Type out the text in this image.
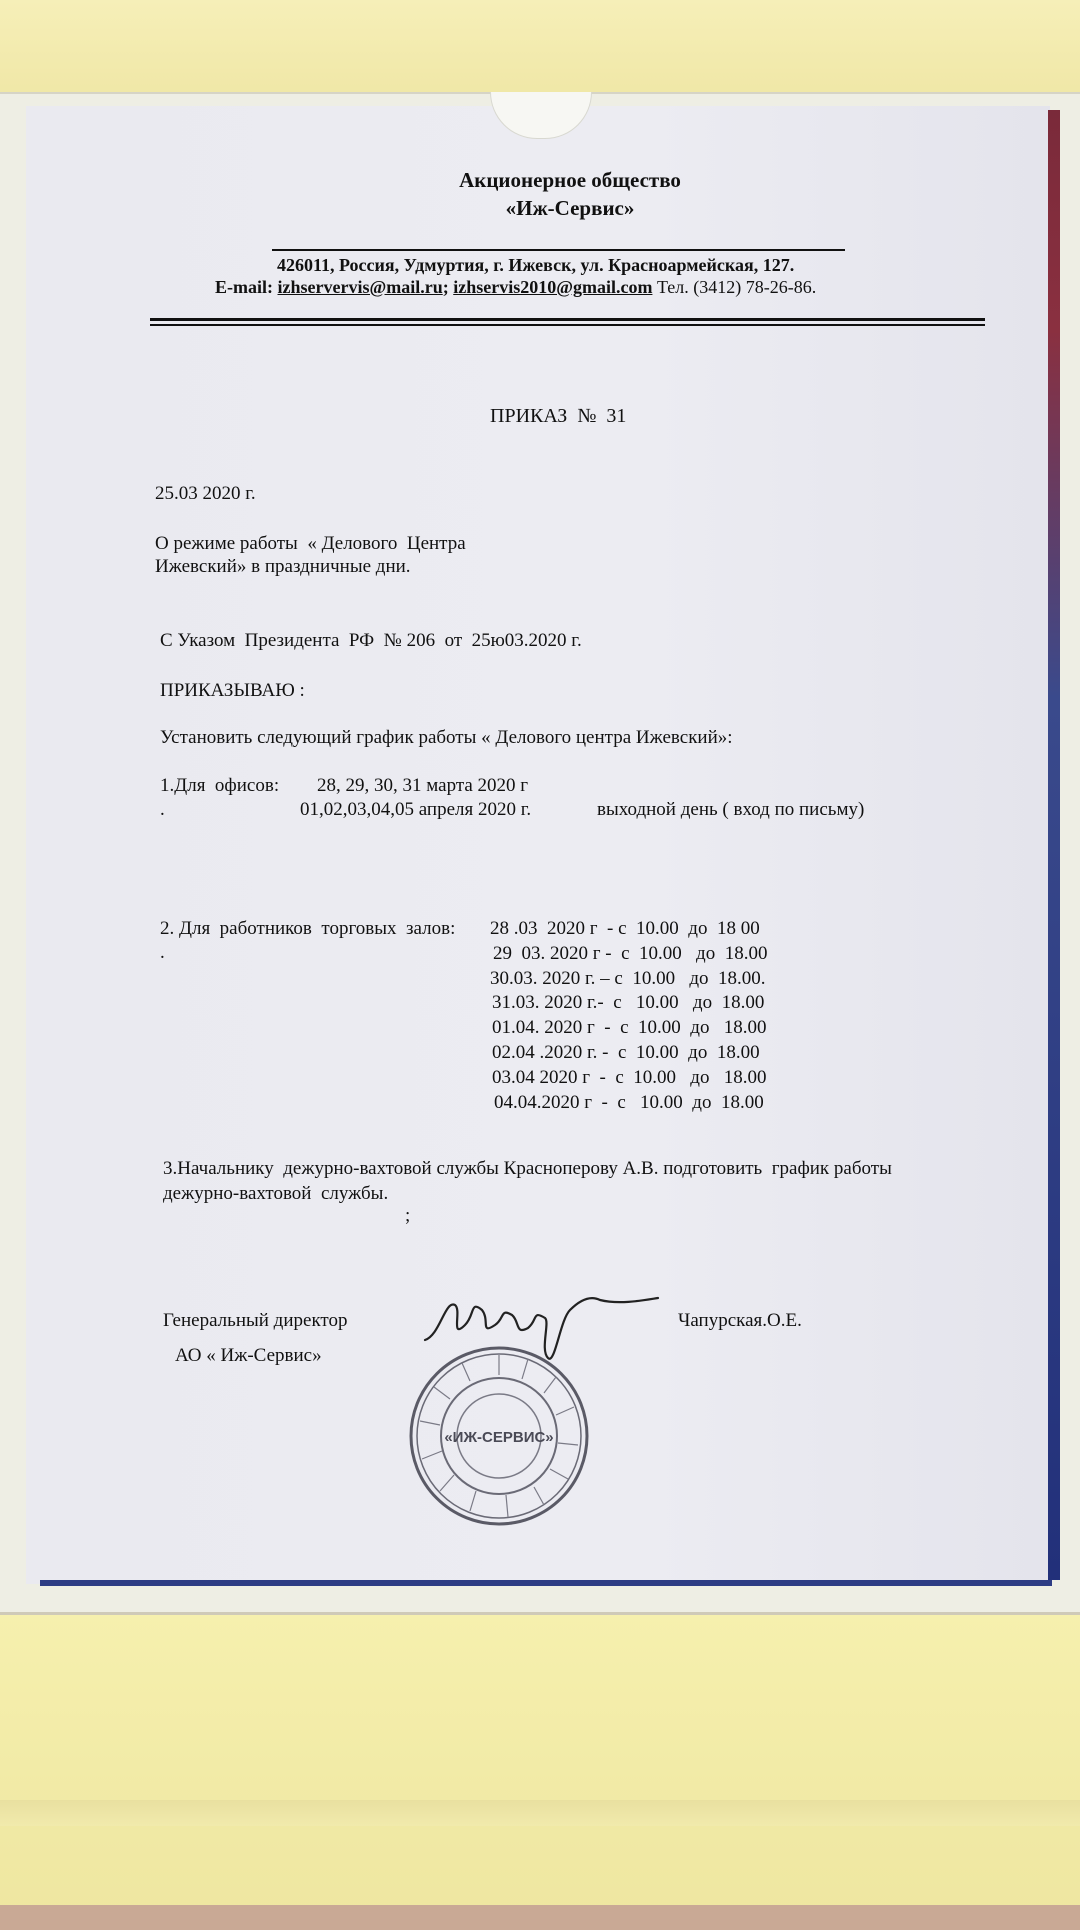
Акционерное общество
«Иж-Сервис»
426011, Россия, Удмуртия, г. Ижевск, ул. Красноармейская, 127.
E-mail: izhservervis@mail.ru; izhservis2010@gmail.com Тел. (3412) 78-26-86.
ПРИКАЗ  №  31
25.03 2020 г.
О режиме работы  « Делового  Центра
Ижевский» в праздничные дни.
С Указом  Президента  РФ  № 206  от  25ю03.2020 г.
ПРИКАЗЫВАЮ :
Установить следующий график работы « Делового центра Ижевский»:
1.Для  офисов: 28, 29, 30, 31 марта 2020 г
.	01,02,03,04,05 апреля 2020 г.	выходной день ( вход по письму)
2. Для  работников  торговых  залов:
.
28 .03  2020 г  - с  10.00  до  18 00
29  03. 2020 г -  с  10.00   до  18.00
30.03. 2020 г. – с  10.00   до  18.00.
31.03. 2020 г.-  с   10.00   до  18.00
01.04. 2020 г  -  с  10.00  до   18.00
02.04 .2020 г. -  с  10.00  до  18.00
03.04 2020 г  -  с  10.00   до   18.00
04.04.2020 г  -  с   10.00  до  18.00
3.Начальнику  дежурно-вахтовой службы Красноперову А.В. подготовить  график работы
дежурно-вахтовой  службы.
;
Генеральный директор
АО « Иж-Сервис»
Чапурская.О.Е.
«ИЖ-СЕРВИС»
